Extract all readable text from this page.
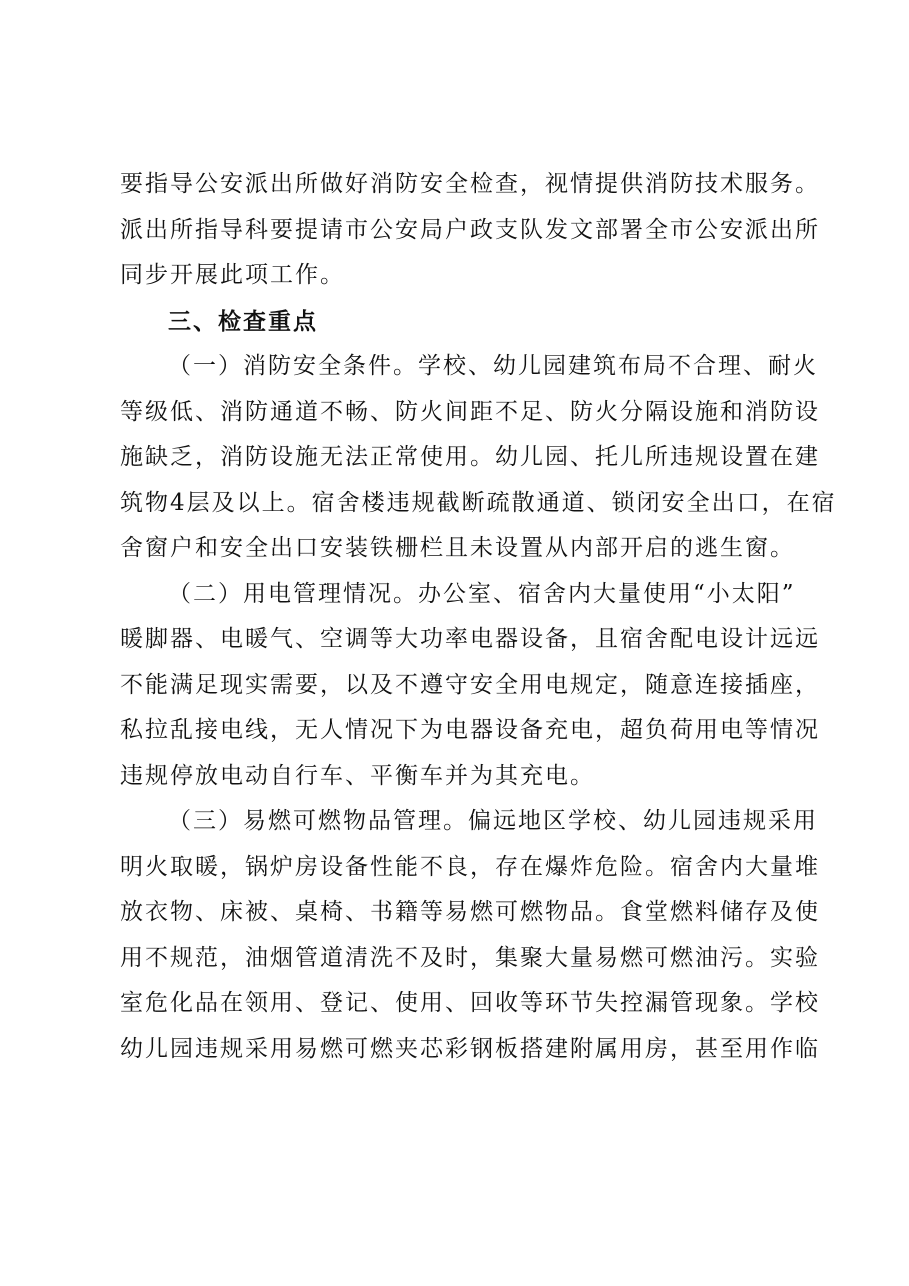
要指导公安派出所做好消防安全检查，视情提供消防技术服务。
派出所指导科要提请市公安局户政支队发文部署全市公安派出所
同步开展此项工作。
三、检查重点
（一）消防安全条件。学校、幼儿园建筑布局不合理、耐火
等级低、消防通道不畅、防火间距不足、防火分隔设施和消防设
施缺乏，消防设施无法正常使用。幼儿园、托儿所违规设置在建
筑物4层及以上。宿舍楼违规截断疏散通道、锁闭安全出口，在宿
舍窗户和安全出口安装铁栅栏且未设置从内部开启的逃生窗。
（二）用电管理情况。办公室、宿舍内大量使用“小太阳”
暖脚器、电暖气、空调等大功率电器设备，且宿舍配电设计远远
不能满足现实需要，以及不遵守安全用电规定，随意连接插座，
私拉乱接电线，无人情况下为电器设备充电，超负荷用电等情况
违规停放电动自行车、平衡车并为其充电。
（三）易燃可燃物品管理。偏远地区学校、幼儿园违规采用
明火取暖，锅炉房设备性能不良，存在爆炸危险。宿舍内大量堆
放衣物、床被、桌椅、书籍等易燃可燃物品。食堂燃料储存及使
用不规范，油烟管道清洗不及时，集聚大量易燃可燃油污。实验
室危化品在领用、登记、使用、回收等环节失控漏管现象。学校
幼儿园违规采用易燃可燃夹芯彩钢板搭建附属用房，甚至用作临
